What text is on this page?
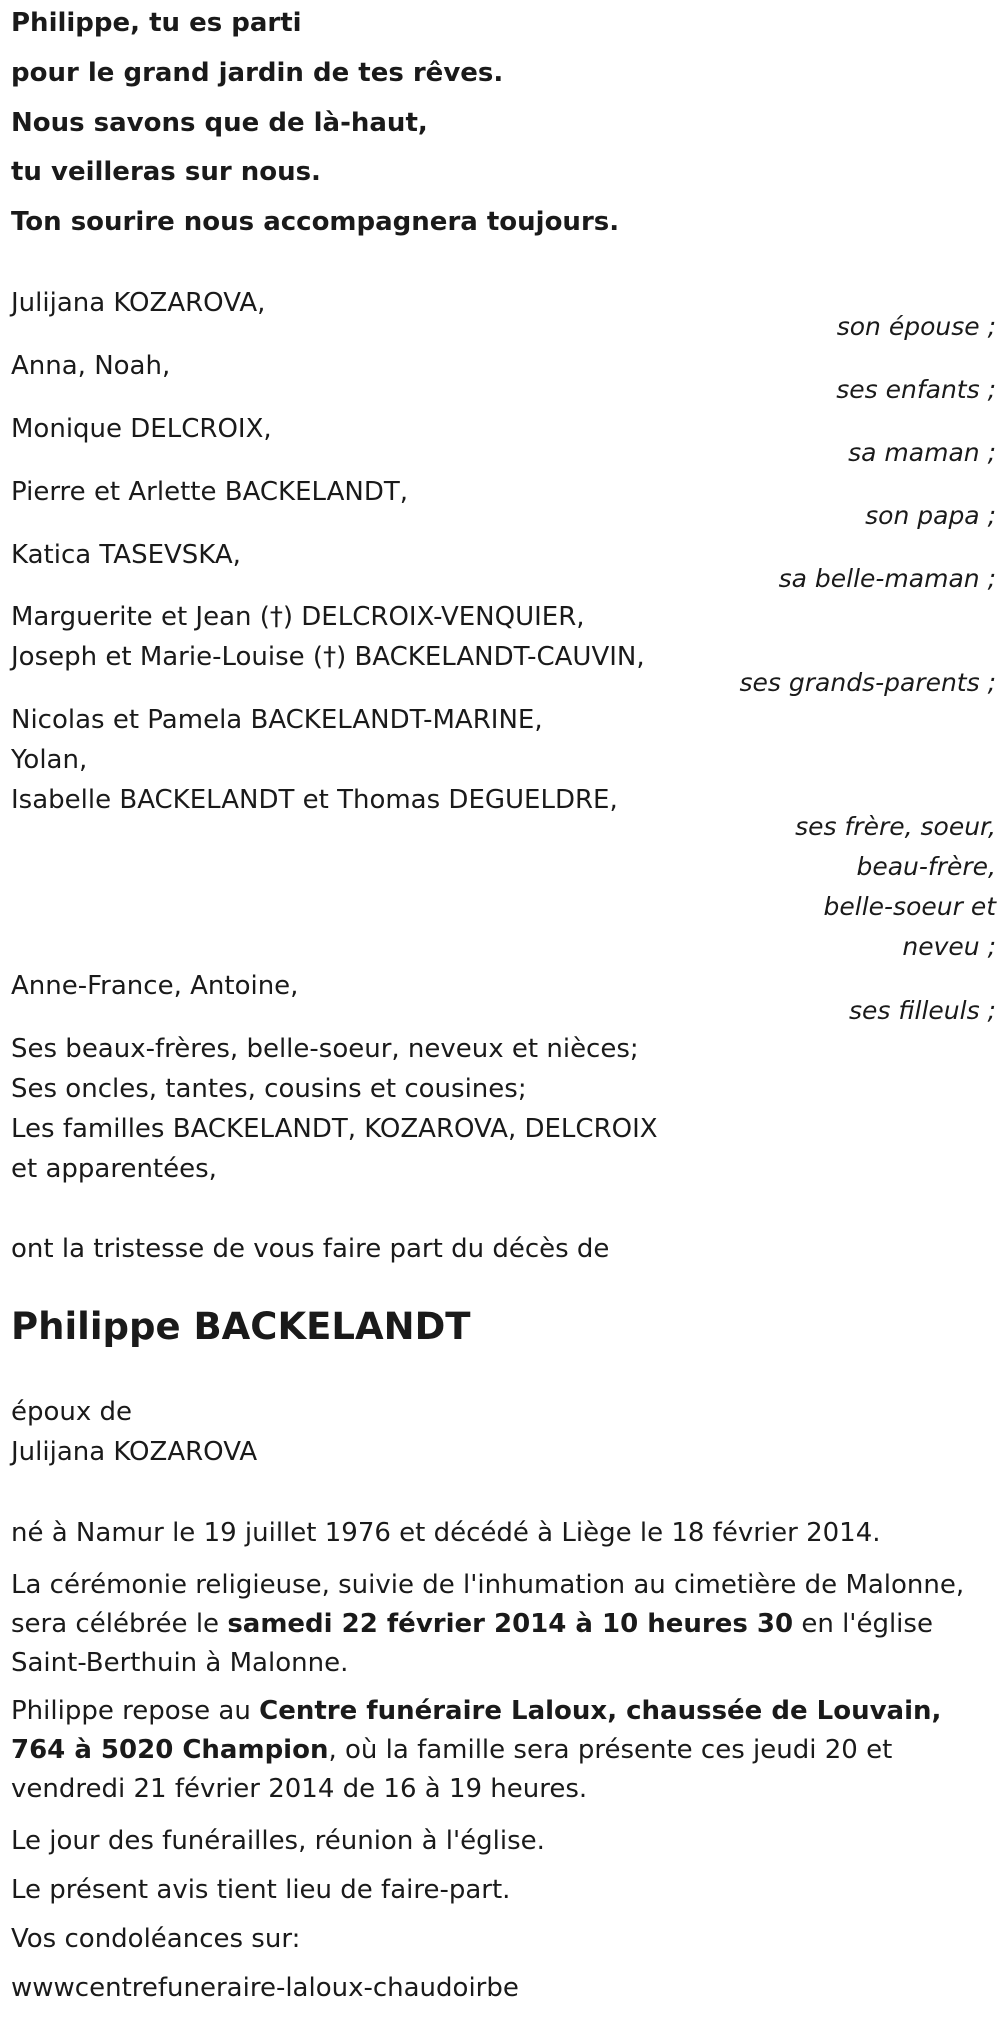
Philippe, tu es parti
pour le grand jardin de tes rêves.
Nous savons que de là-haut,
tu veilleras sur nous.
Ton sourire nous accompagnera toujours.
Julijana KOZAROVA,
son épouse ;
Anna, Noah,
ses enfants ;
Monique DELCROIX,
sa maman ;
Pierre et Arlette BACKELANDT,
son papa ;
Katica TASEVSKA,
sa belle-maman ;
Marguerite et Jean (†) DELCROIX-VENQUIER,
Joseph et Marie-Louise (†) BACKELANDT-CAUVIN,
ses grands-parents ;
Nicolas et Pamela BACKELANDT-MARINE,
Yolan,
Isabelle BACKELANDT et Thomas DEGUELDRE,
ses frère, soeur,
beau-frère,
belle-soeur et
neveu ;
Anne-France, Antoine,
ses filleuls ;
Ses beaux-frères, belle-soeur, neveux et nièces;
Ses oncles, tantes, cousins et cousines;
Les familles BACKELANDT, KOZAROVA, DELCROIX
et apparentées,
ont la tristesse de vous faire part du décès de
Philippe BACKELANDT
époux de
Julijana KOZAROVA
né à Namur le 19 juillet 1976 et décédé à Liège le 18 février 2014.
La cérémonie religieuse, suivie de l'inhumation au cimetière de Malonne, sera célébrée le samedi 22 février 2014 à 10 heures 30 en l'église Saint-Berthuin à Malonne.
Philippe repose au Centre funéraire Laloux, chaussée de Louvain, 764 à 5020 Champion, où la famille sera présente ces jeudi 20 et vendredi 21 février 2014 de 16 à 19 heures.
Le jour des funérailles, réunion à l'église.
Le présent avis tient lieu de faire-part.
Vos condoléances sur:
wwwcentrefuneraire-laloux-chaudoirbe
